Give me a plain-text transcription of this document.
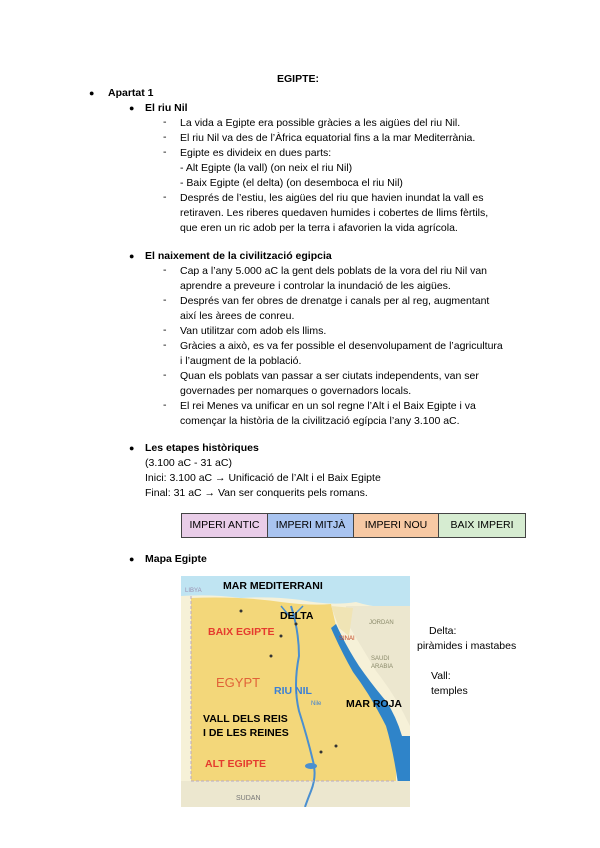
EGIPTE:
● Apartat 1
● El riu Nil
- La vida a Egipte era possible gràcies a les aigües del riu Nil.
- El riu Nil va des de l’Àfrica equatorial fins a la mar Mediterrània.
- Egipte es divideix en dues parts:
- Alt Egipte (la vall) (on neix el riu Nil)
- Baix Egipte (el delta) (on desemboca el riu Nil)
- Després de l’estiu, les aigües del riu que havien inundat la vall es
retiraven. Les riberes quedaven humides i cobertes de llims fèrtils,
que eren un ric adob per la terra i afavorien la vida agrícola.
● El naixement de la civilització egipcia
- Cap a l’any 5.000 aC la gent dels poblats de la vora del riu Nil van
aprendre a preveure i controlar la inundació de les aigües.
- Després van fer obres de drenatge i canals per al reg, augmentant
així les àrees de conreu.
- Van utilitzar com adob els llims.
- Gràcies a això, es va fer possible el desenvolupament de l’agricultura
i l’augment de la població.
- Quan els poblats van passar a ser ciutats independents, van ser
governades per nomarques o governadors locals.
- El rei Menes va unificar en un sol regne l’Alt i el Baix Egipte i va
començar la història de la civilització egípcia l’any 3.100 aC.
● Les etapes històriques
(3.100 aC - 31 aC)
Inici: 3.100 aC → Unificació de l’Alt i el Baix Egipte
Final: 31 aC → Van ser conquerits pels romans.
IMPERI ANTIC	IMPERI MITJÀ	IMPERI NOU	BAIX IMPERI
● Mapa Egipte
MAR MEDITERRANI
DELTA
BAIX EGIPTE
EGYPT
RIU NIL
MAR ROJA
VALL DELS REIS
I DE LES REINES
ALT EGIPTE
LIBYA
SUDAN
SINAI
JORDAN
SAUDI
ARABIA
Nile
Delta:
piràmides i mastabes
Vall:
temples
